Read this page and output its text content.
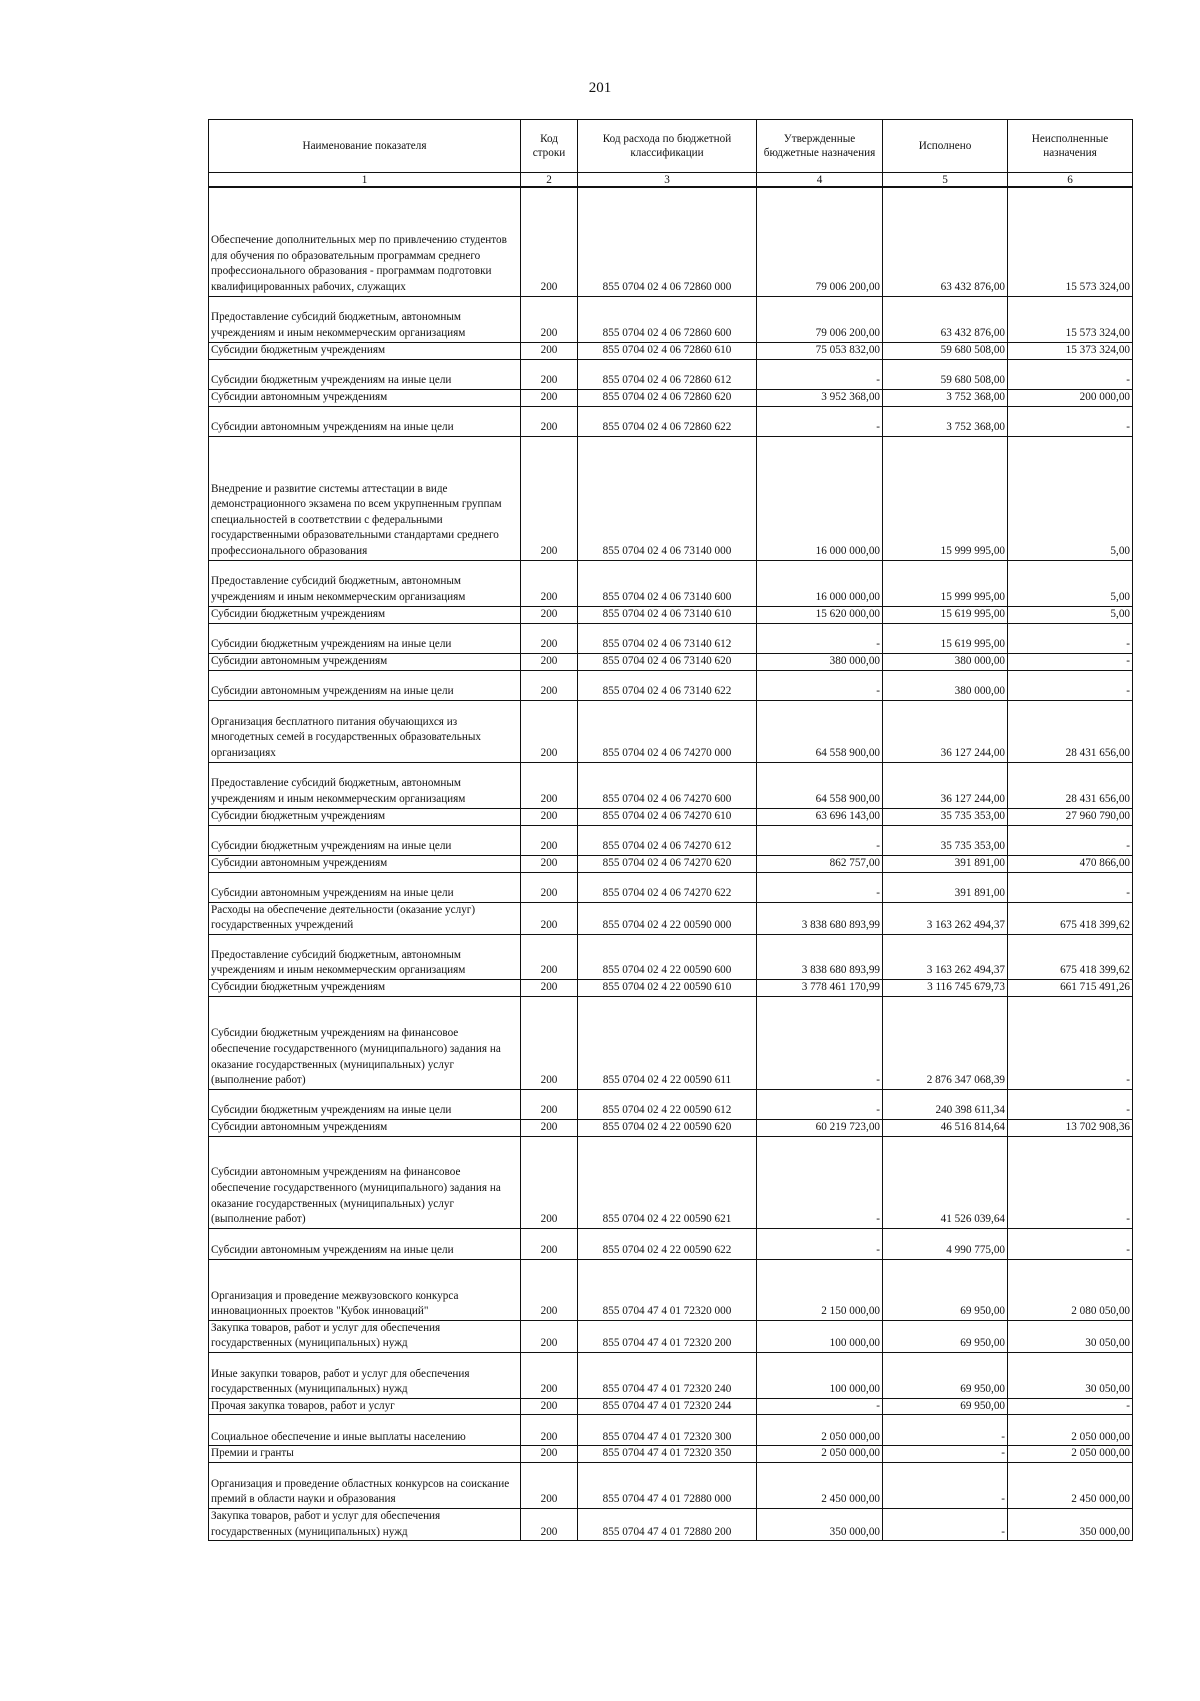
201
Наименование показателя	Код строки	Код расхода по бюджетной классификации	Утвержденные бюджетные назначения	Исполнено	Неисполненные назначения
1	2	3	4	5	6
Обеспечение дополнительных мер по привлечению студентов для обучения по образовательным программам среднего профессионального образования - программам подготовки квалифицированных рабочих, служащих	200	855 0704 02 4 06 72860 000	79 006 200,00	63 432 876,00	15 573 324,00
Предоставление субсидий бюджетным, автономным учреждениям и иным некоммерческим организациям	200	855 0704 02 4 06 72860 600	79 006 200,00	63 432 876,00	15 573 324,00
Субсидии бюджетным учреждениям	200	855 0704 02 4 06 72860 610	75 053 832,00	59 680 508,00	15 373 324,00
Субсидии бюджетным учреждениям на иные цели	200	855 0704 02 4 06 72860 612	-	59 680 508,00	-
Субсидии автономным учреждениям	200	855 0704 02 4 06 72860 620	3 952 368,00	3 752 368,00	200 000,00
Субсидии автономным учреждениям на иные цели	200	855 0704 02 4 06 72860 622	-	3 752 368,00	-
Внедрение и развитие системы аттестации в виде демонстрационного экзамена по всем укрупненным группам специальностей в соответствии с федеральными государственными образовательными стандартами среднего профессионального образования	200	855 0704 02 4 06 73140 000	16 000 000,00	15 999 995,00	5,00
Предоставление субсидий бюджетным, автономным учреждениям и иным некоммерческим организациям	200	855 0704 02 4 06 73140 600	16 000 000,00	15 999 995,00	5,00
Субсидии бюджетным учреждениям	200	855 0704 02 4 06 73140 610	15 620 000,00	15 619 995,00	5,00
Субсидии бюджетным учреждениям на иные цели	200	855 0704 02 4 06 73140 612	-	15 619 995,00	-
Субсидии автономным учреждениям	200	855 0704 02 4 06 73140 620	380 000,00	380 000,00	-
Субсидии автономным учреждениям на иные цели	200	855 0704 02 4 06 73140 622	-	380 000,00	-
Организация бесплатного питания обучающихся из многодетных семей в государственных образовательных организациях	200	855 0704 02 4 06 74270 000	64 558 900,00	36 127 244,00	28 431 656,00
Предоставление субсидий бюджетным, автономным учреждениям и иным некоммерческим организациям	200	855 0704 02 4 06 74270 600	64 558 900,00	36 127 244,00	28 431 656,00
Субсидии бюджетным учреждениям	200	855 0704 02 4 06 74270 610	63 696 143,00	35 735 353,00	27 960 790,00
Субсидии бюджетным учреждениям на иные цели	200	855 0704 02 4 06 74270 612	-	35 735 353,00	-
Субсидии автономным учреждениям	200	855 0704 02 4 06 74270 620	862 757,00	391 891,00	470 866,00
Субсидии автономным учреждениям на иные цели	200	855 0704 02 4 06 74270 622	-	391 891,00	-
Расходы на обеспечение деятельности (оказание услуг) государственных учреждений	200	855 0704 02 4 22 00590 000	3 838 680 893,99	3 163 262 494,37	675 418 399,62
Предоставление субсидий бюджетным, автономным учреждениям и иным некоммерческим организациям	200	855 0704 02 4 22 00590 600	3 838 680 893,99	3 163 262 494,37	675 418 399,62
Субсидии бюджетным учреждениям	200	855 0704 02 4 22 00590 610	3 778 461 170,99	3 116 745 679,73	661 715 491,26
Субсидии бюджетным учреждениям на финансовое обеспечение государственного (муниципального) задания на оказание государственных (муниципальных) услуг (выполнение работ)	200	855 0704 02 4 22 00590 611	-	2 876 347 068,39	-
Субсидии бюджетным учреждениям на иные цели	200	855 0704 02 4 22 00590 612	-	240 398 611,34	-
Субсидии автономным учреждениям	200	855 0704 02 4 22 00590 620	60 219 723,00	46 516 814,64	13 702 908,36
Субсидии автономным учреждениям на финансовое обеспечение государственного (муниципального) задания на оказание государственных (муниципальных) услуг (выполнение работ)	200	855 0704 02 4 22 00590 621	-	41 526 039,64	-
Субсидии автономным учреждениям на иные цели	200	855 0704 02 4 22 00590 622	-	4 990 775,00	-
Организация и проведение межвузовского конкурса инновационных проектов "Кубок инноваций"	200	855 0704 47 4 01 72320 000	2 150 000,00	69 950,00	2 080 050,00
Закупка товаров, работ и услуг для обеспечения государственных (муниципальных) нужд	200	855 0704 47 4 01 72320 200	100 000,00	69 950,00	30 050,00
Иные закупки товаров, работ и услуг для обеспечения государственных (муниципальных) нужд	200	855 0704 47 4 01 72320 240	100 000,00	69 950,00	30 050,00
Прочая закупка товаров, работ и услуг	200	855 0704 47 4 01 72320 244	-	69 950,00	-
Социальное обеспечение и иные выплаты населению	200	855 0704 47 4 01 72320 300	2 050 000,00	-	2 050 000,00
Премии и гранты	200	855 0704 47 4 01 72320 350	2 050 000,00	-	2 050 000,00
Организация и проведение областных конкурсов на соискание премий в области науки и образования	200	855 0704 47 4 01 72880 000	2 450 000,00	-	2 450 000,00
Закупка товаров, работ и услуг для обеспечения государственных (муниципальных) нужд	200	855 0704 47 4 01 72880 200	350 000,00	-	350 000,00
